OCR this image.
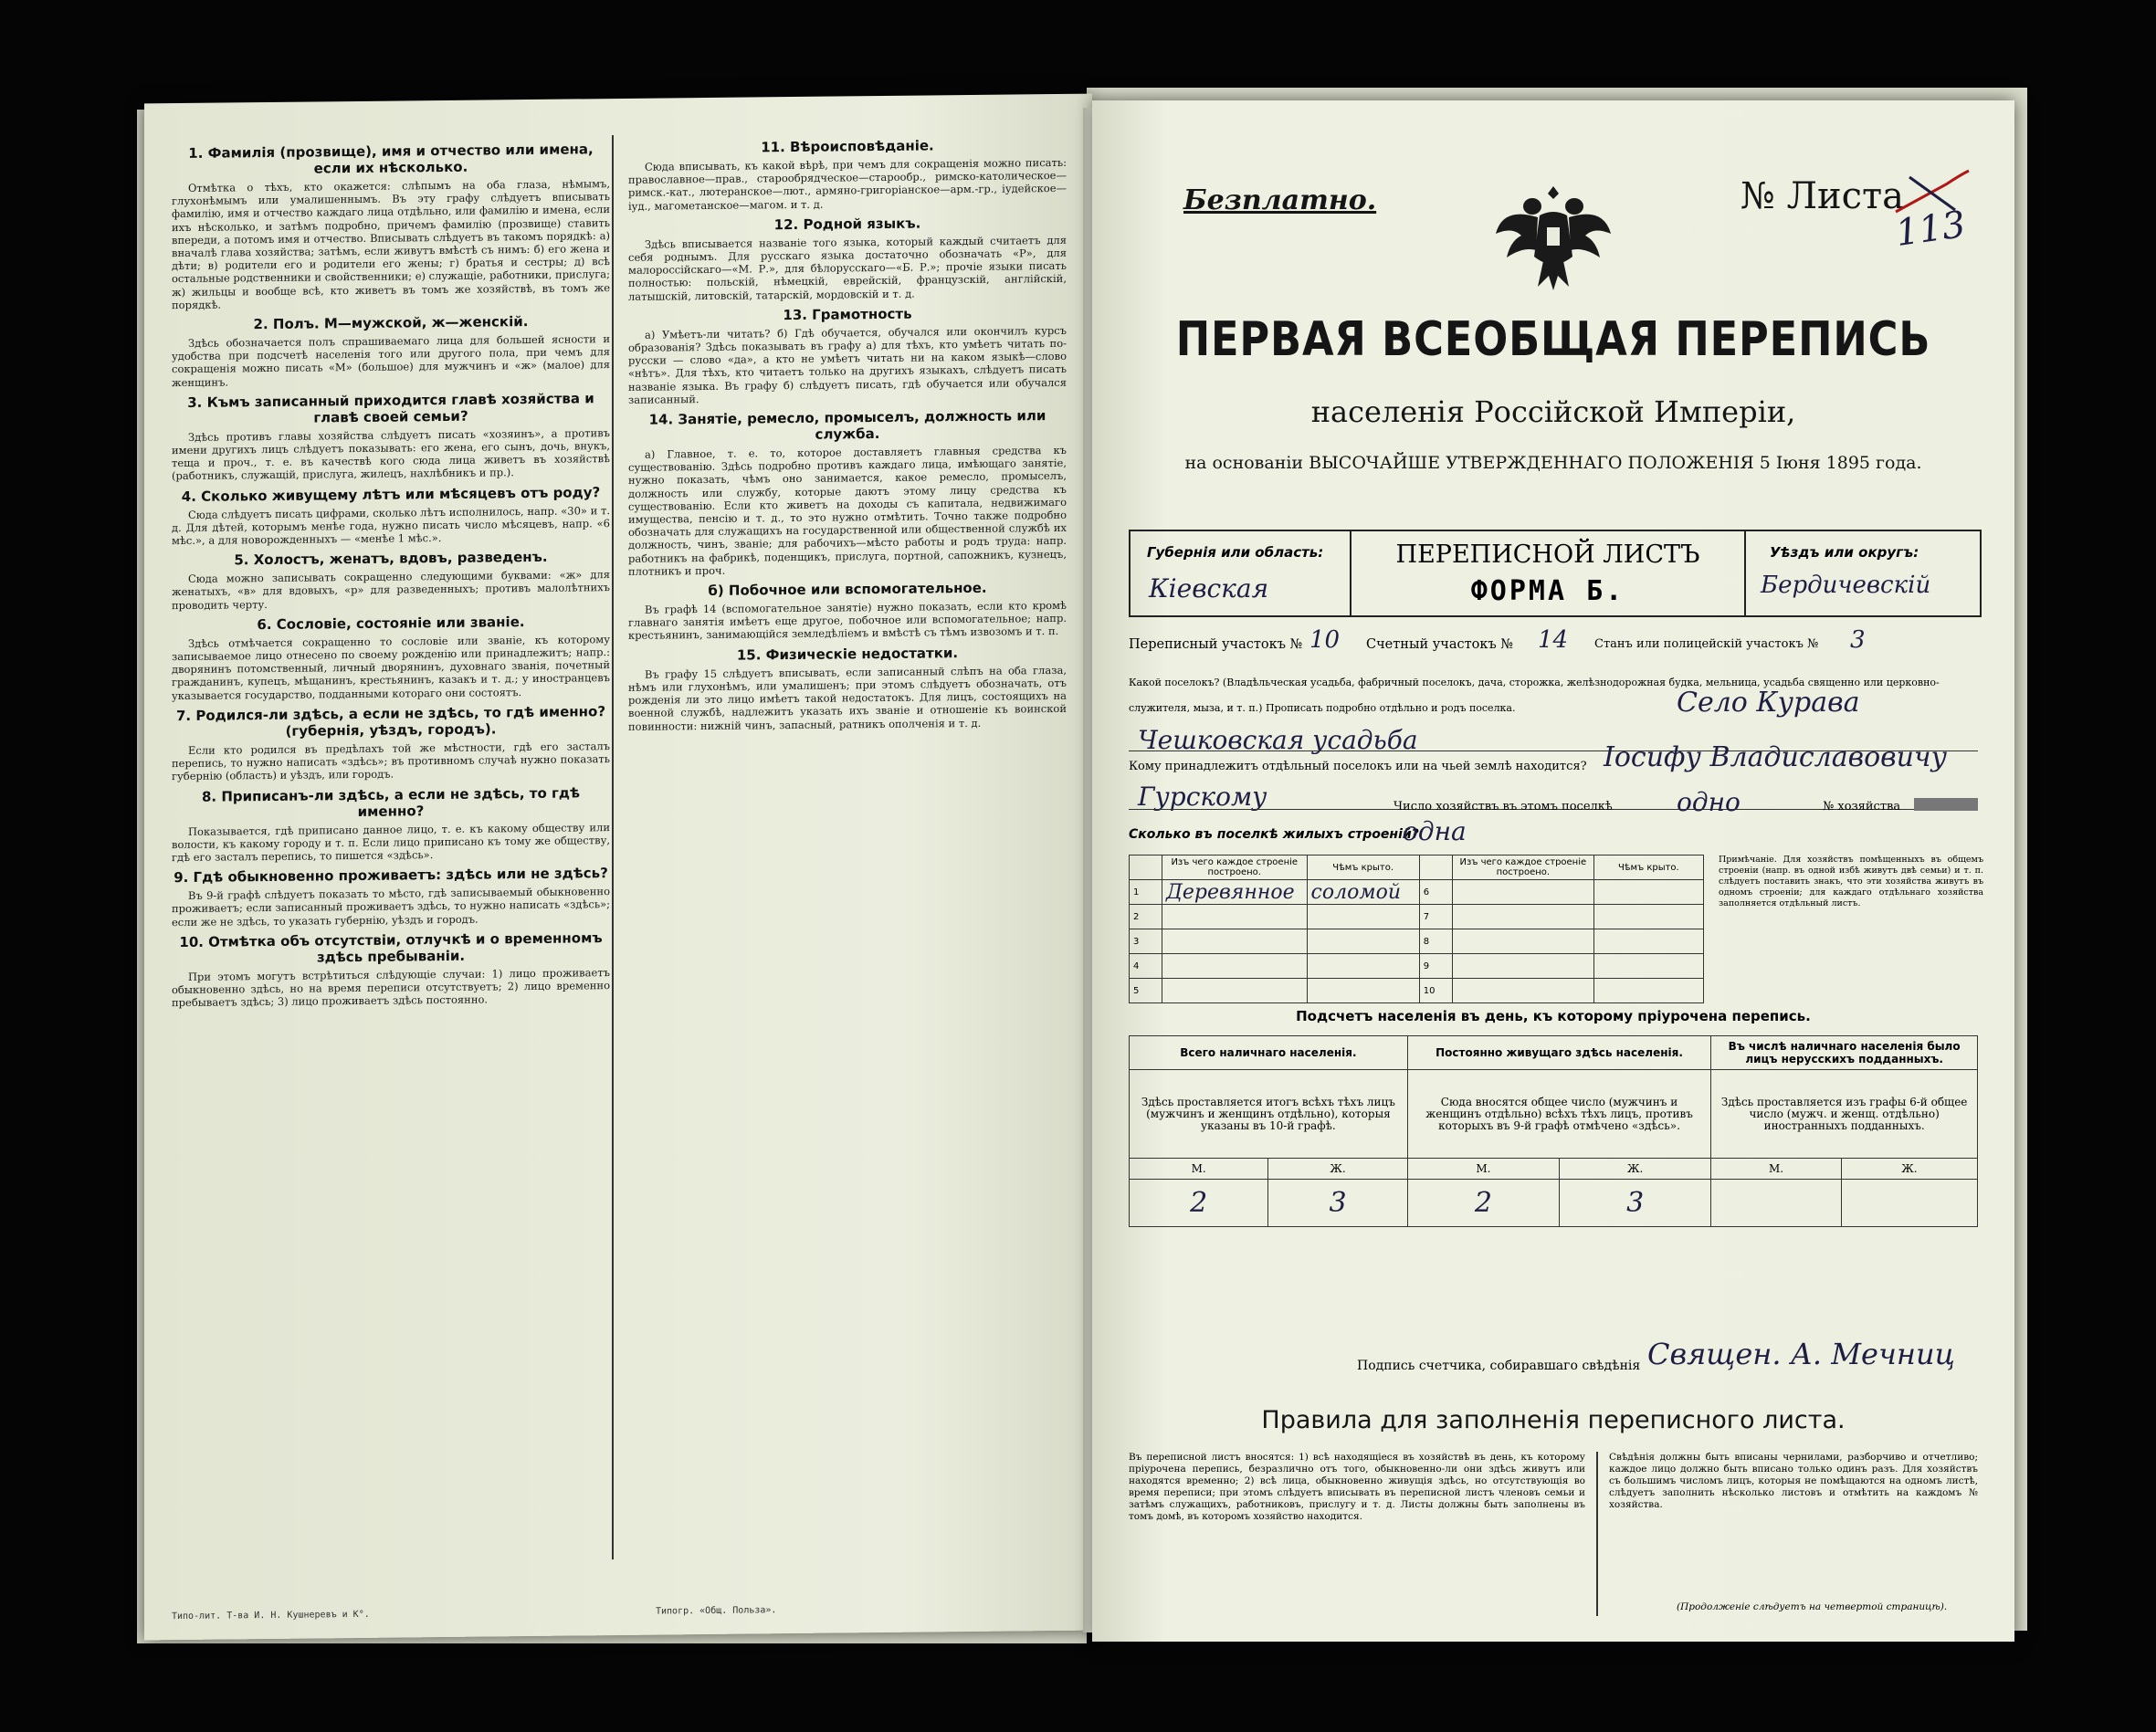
1. Фамилія (прозвище), имя и отчество или имена, если их нѣсколько.

Отмѣтка о тѣхъ, кто окажется: слѣпымъ на оба глаза, нѣмымъ, глухонѣмымъ или умалишеннымъ. Въ эту графу слѣдуетъ вписывать фамилію, имя и отчество каждаго лица отдѣльно, или фамилію и имена, если ихъ нѣсколько, и затѣмъ подробно, причемъ фамилію (прозвище) ставить впереди, а потомъ имя и отчество. Вписывать слѣдуетъ въ такомъ порядкѣ: а) вначалѣ глава хозяйства; затѣмъ, если живутъ вмѣстѣ съ нимъ: б) его жена и дѣти; в) родители его и родители его жены; г) братья и сестры; д) всѣ остальные родственники и свойственники; е) служащіе, работники, прислуга; ж) жильцы и вообще всѣ, кто живетъ въ томъ же хозяйствѣ, въ томъ же порядкѣ.

2. Полъ. М—мужской, ж—женскій.

Здѣсь обозначается полъ спрашиваемаго лица для большей ясности и удобства при подсчетѣ населенія того или другого пола, при чемъ для сокращенія можно писать «М» (большое) для мужчинъ и «ж» (малое) для женщинъ.

3. Къмъ записанный приходится главѣ хозяйства и главѣ своей семьи?

Здѣсь противъ главы хозяйства слѣдуетъ писать «хозяинъ», а противъ имени другихъ лицъ слѣдуетъ показывать: его жена, его сынъ, дочь, внукъ, теща и проч., т. е. въ качествѣ кого сюда лица живетъ въ хозяйствѣ (работникъ, служащій, прислуга, жилецъ, нахлѣбникъ и пр.).

4. Сколько живущему лѣтъ или мѣсяцевъ отъ роду?

Сюда слѣдуетъ писать цифрами, сколько лѣтъ исполнилось, напр. «30» и т. д. Для дѣтей, которымъ менѣе года, нужно писать число мѣсяцевъ, напр. «6 мѣс.», а для новорожденныхъ — «менѣе 1 мѣс.».

5. Холостъ, женатъ, вдовъ, разведенъ.

Сюда можно записывать сокращенно следующими буквами: «ж» для женатыхъ, «в» для вдовыхъ, «р» для разведенныхъ; противъ малолѣтнихъ проводить черту.

6. Сословіе, состояніе или званіе.

Здѣсь отмѣчается сокращенно то сословіе или званіе, къ которому записываемое лицо отнесено по своему рожденію или принадлежитъ; напр.: дворянинъ потомственный, личный дворянинъ, духовнаго званія, почетный гражданинъ, купецъ, мѣщанинъ, крестьянинъ, казакъ и т. д.; у иностранцевъ указывается государство, подданными котораго они состоятъ.

7. Родился-ли здѣсь, а если не здѣсь, то гдѣ именно? (губернія, уѣздъ, городъ).

Если кто родился въ предѣлахъ той же мѣстности, гдѣ его засталъ перепись, то нужно написать «здѣсь»; въ противномъ случаѣ нужно показать губернію (область) и уѣздъ, или городъ.

8. Приписанъ-ли здѣсь, а если не здѣсь, то гдѣ именно?

Показывается, гдѣ приписано данное лицо, т. е. къ какому обществу или волости, къ какому городу и т. п. Если лицо приписано къ тому же обществу, гдѣ его засталъ перепись, то пишется «здѣсь».

9. Гдѣ обыкновенно проживаетъ: здѣсь или не здѣсь?

Въ 9-й графѣ слѣдуетъ показать то мѣсто, гдѣ записываемый обыкновенно проживаетъ; если записанный проживаетъ здѣсь, то нужно написать «здѣсь»; если же не здѣсь, то указать губернію, уѣздъ и городъ.

10. Отмѣтка объ отсутствіи, отлучкѣ и о временномъ здѣсь пребываніи.

При этомъ могутъ встрѣтиться слѣдующіе случаи: 1) лицо проживаетъ обыкновенно здѣсь, но на время переписи отсутствуетъ; 2) лицо временно пребываетъ здѣсь; 3) лицо проживаетъ здѣсь постоянно.

11. Вѣроисповѣданіе.

Сюда вписывать, къ какой вѣрѣ, при чемъ для сокращенія можно писать: православное—прав., старообрядческое—старообр., римско-католическое—римск.-кат., лютеранское—лют., армяно-григоріанское—арм.-гр., іудейское—іуд., магометанское—магом. и т. д.

12. Родной языкъ.

Здѣсь вписывается названіе того языка, который каждый считаетъ для себя роднымъ. Для русскаго языка достаточно обозначать «Р», для малороссійскаго—«М. Р.», для бѣлорусскаго—«Б. Р.»; прочіе языки писать полностью: польскій, нѣмецкій, еврейскій, французскій, англійскій, латышскій, литовскій, татарскій, мордовскій и т. д.

13. Грамотность

а) Умѣетъ-ли читать? б) Гдѣ обучается, обучался или окончилъ курсъ образованія? Здѣсь показывать въ графу а) для тѣхъ, кто умѣетъ читать по-русски — слово «да», а кто не умѣетъ читать ни на каком языкѣ—слово «нѣтъ». Для тѣхъ, кто читаетъ только на другихъ языкахъ, слѣдуетъ писать названіе языка. Въ графу б) слѣдуетъ писать, гдѣ обучается или обучался записанный.

14. Занятіе, ремесло, промыселъ, должность или служба.

а) Главное, т. е. то, которое доставляетъ главныя средства къ существованію. Здѣсь подробно противъ каждаго лица, имѣющаго занятіе, нужно показать, чѣмъ оно занимается, какое ремесло, промыселъ, должность или службу, которые даютъ этому лицу средства къ существованію. Если кто живетъ на доходы съ капитала, недвижимаго имущества, пенсію и т. д., то это нужно отмѣтить. Точно также подробно обозначать для служащихъ на государственной или общественной службѣ их должность, чинъ, званіе; для рабочихъ—мѣсто работы и родъ труда: напр. работникъ на фабрикѣ, поденщикъ, прислуга, портной, сапожникъ, кузнецъ, плотникъ и проч.

б) Побочное или вспомогательное.

Въ графѣ 14 (вспомогательное занятіе) нужно показать, если кто кромѣ главнаго занятія имѣетъ еще другое, побочное или вспомогательное; напр. крестьянинъ, занимающійся земледѣліемъ и вмѣстѣ съ тѣмъ извозомъ и т. п.

15. Физическіе недостатки.

Въ графу 15 слѣдуетъ вписывать, если записанный слѣпъ на оба глаза, нѣмъ или глухонѣмъ, или умалишенъ; при этомъ слѣдуетъ обозначать, отъ рожденія ли это лицо имѣетъ такой недостатокъ. Для лицъ, состоящихъ на военной службѣ, надлежитъ указать ихъ званіе и отношеніе къ воинской повинности: нижній чинъ, запасный, ратникъ ополченія и т. д.

Типо-лит. Т-ва И. Н. Кушнеревъ и К°.	Типогр. «Общ. Польза».
Безплатно.	№ Листа
113
ПЕРВАЯ ВСЕОБЩАЯ ПЕРЕПИСЬ
населенія Россійской Имперіи,
на основаніи ВЫСОЧАЙШЕ УТВЕРЖДЕННАГО ПОЛОЖЕНІЯ 5 Іюня 1895 года.
Губернія или область:
Кіевская
ПЕРЕПИСНОЙ ЛИСТЪ
ФОРМА Б.
Уѣздъ или округъ:
Бердичевскій
Переписный участокъ № 10 Счетный участокъ № 14 Станъ или полицейскій участокъ № 3
Какой поселокъ? (Владѣльческая усадьба, фабричный поселокъ, дача, сторожка, желѣзнодорожная будка, мельница, усадьба священно или церковно-служителя, мыза, и т. п.) Прописать подробно отдѣльно и родъ поселка.	Село Курава
Чешковская усадьба
Кому принадлежитъ отдѣльный поселокъ или на чьей землѣ находится? Іосифу Владиславовичу
Гурскому	Число хозяйствъ въ этомъ поселкѣ	одно	№ хозяйства
Сколько въ поселкѣ жилыхъ строеній?
одна
	Изъ чего каждое строеніе построено.	Чѣмъ крыто.		Изъ чего каждое строеніе построено.	Чѣмъ крыто.
1	Деревянное	соломой	6		
2			7		
3			8		
4			9		
5			10		
Примѣчаніе. Для хозяйствъ помѣщенныхъ въ общемъ строеніи (напр. въ одной избѣ живутъ двѣ семьи) и т. п. слѣдуетъ поставить знакъ, что эти хозяйства живутъ въ одномъ строеніи; для каждаго отдѣльнаго хозяйства заполняется отдѣльный листъ.
Подсчетъ населенія въ день, къ которому пріурочена перепись.
Всего наличнаго населенія.		Постоянно живущаго здѣсь населенія.		Въ числѣ наличнаго населенія было лицъ нерусскихъ подданныхъ.	
Здѣсь проставляется итогъ всѣхъ тѣхъ лицъ (мужчинъ и женщинъ отдѣльно), которыя указаны въ 10-й графѣ.		Сюда вносятся общее число (мужчинъ и женщинъ отдѣльно) всѣхъ тѣхъ лицъ, противъ которыхъ въ 9-й графѣ отмѣчено «здѣсь».		Здѣсь проставляется изъ графы 6-й общее число (мужч. и женщ. отдѣльно) иностранныхъ подданныхъ.	
М.	Ж.	М.	Ж.	М.	Ж.
2	3	2	3		
Подпись счетчика, собиравшаго свѣдѣнія Священ. А. Мечниц
Правила для заполненія переписного листа.
Въ переписной листъ вносятся: 1) всѣ находящіеся въ хозяйствѣ въ день, къ которому пріурочена перепись, безразлично отъ того, обыкновенно-ли они здѣсь живутъ или находятся временно; 2) всѣ лица, обыкновенно живущія здѣсь, но отсутствующія во время переписи; при этомъ слѣдуетъ вписывать въ переписной листъ членовъ семьи и затѣмъ служащихъ, работниковъ, прислугу и т. д. Листы должны быть заполнены въ томъ домѣ, въ которомъ хозяйство находится.
Свѣдѣнія должны быть вписаны чернилами, разборчиво и отчетливо; каждое лицо должно быть вписано только одинъ разъ. Для хозяйствъ съ большимъ числомъ лицъ, которыя не помѣщаются на одномъ листѣ, слѣдуетъ заполнить нѣсколько листовъ и отмѣтить на каждомъ № хозяйства.
(Продолженіе слѣдуетъ на четвертой страницѣ).
